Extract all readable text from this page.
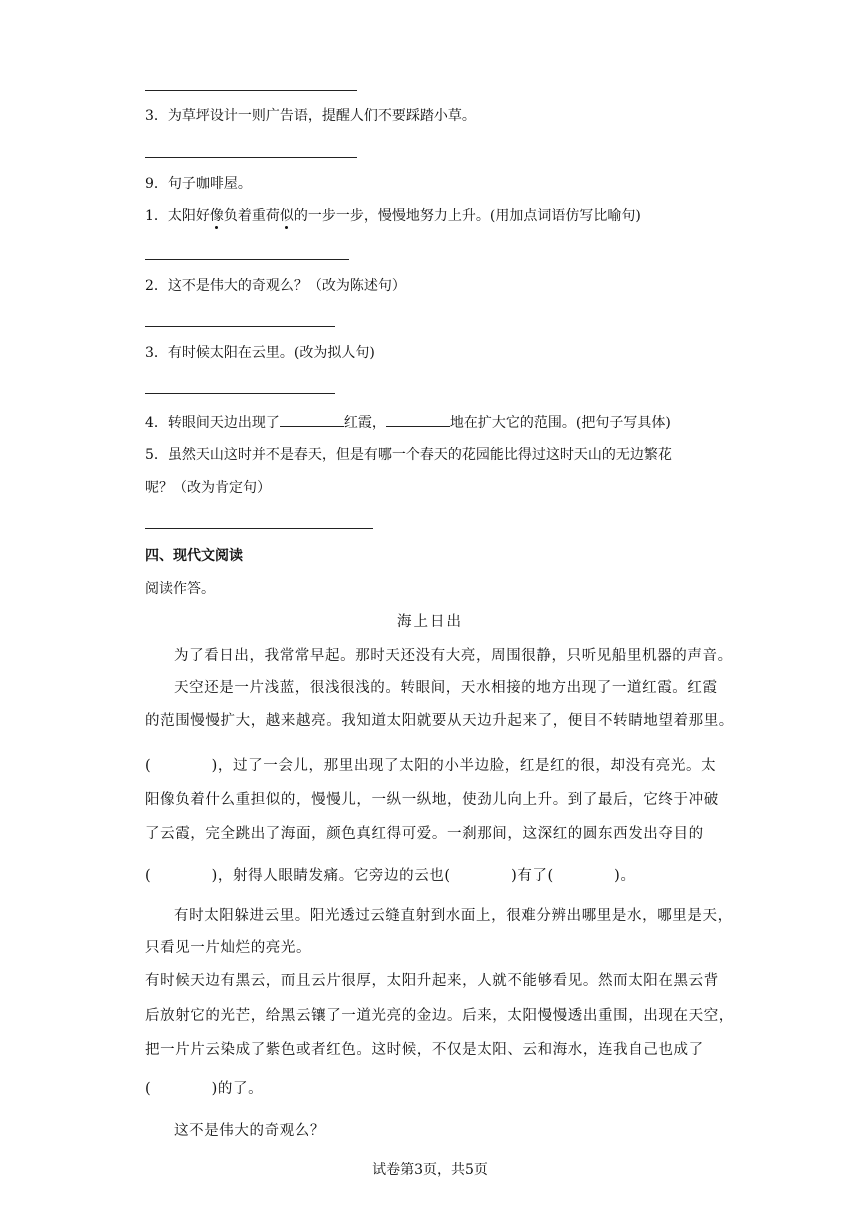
3．为草坪设计一则广告语，提醒人们不要踩踏小草。
9．句子咖啡屋。
1．太阳好像负着重荷似的一步一步，慢慢地努力上升。(用加点词语仿写比喻句)
2．这不是伟大的奇观么？（改为陈述句）
3．有时候太阳在云里。(改为拟人句)
4．转眼间天边出现了	红霞，	地在扩大它的范围。(把句子写具体)
5．虽然天山这时并不是春天，但是有哪一个春天的花园能比得过这时天山的无边繁花
呢？（改为肯定句）
四、现代文阅读
阅读作答。
海上日出
为了看日出，我常常早起。那时天还没有大亮，周围很静，只听见船里机器的声音。
天空还是一片浅蓝，很浅很浅的。转眼间，天水相接的地方出现了一道红霞。红霞
的范围慢慢扩大，越来越亮。我知道太阳就要从天边升起来了，便目不转睛地望着那里。
(　　　　)，过了一会儿，那里出现了太阳的小半边脸，红是红的很，却没有亮光。太
阳像负着什么重担似的，慢慢儿，一纵一纵地，使劲儿向上升。到了最后，它终于冲破
了云霞，完全跳出了海面，颜色真红得可爱。一刹那间，这深红的圆东西发出夺目的
(　　　　)，射得人眼睛发痛。它旁边的云也(　　　　)有了(　　　　)。
有时太阳躲进云里。阳光透过云缝直射到水面上，很难分辨出哪里是水，哪里是天，
只看见一片灿烂的亮光。
有时候天边有黑云，而且云片很厚，太阳升起来，人就不能够看见。然而太阳在黑云背
后放射它的光芒，给黑云镶了一道光亮的金边。后来，太阳慢慢透出重围，出现在天空，
把一片片云染成了紫色或者红色。这时候，不仅是太阳、云和海水，连我自己也成了
(　　　　)的了。
这不是伟大的奇观么？
试卷第3页，共5页
